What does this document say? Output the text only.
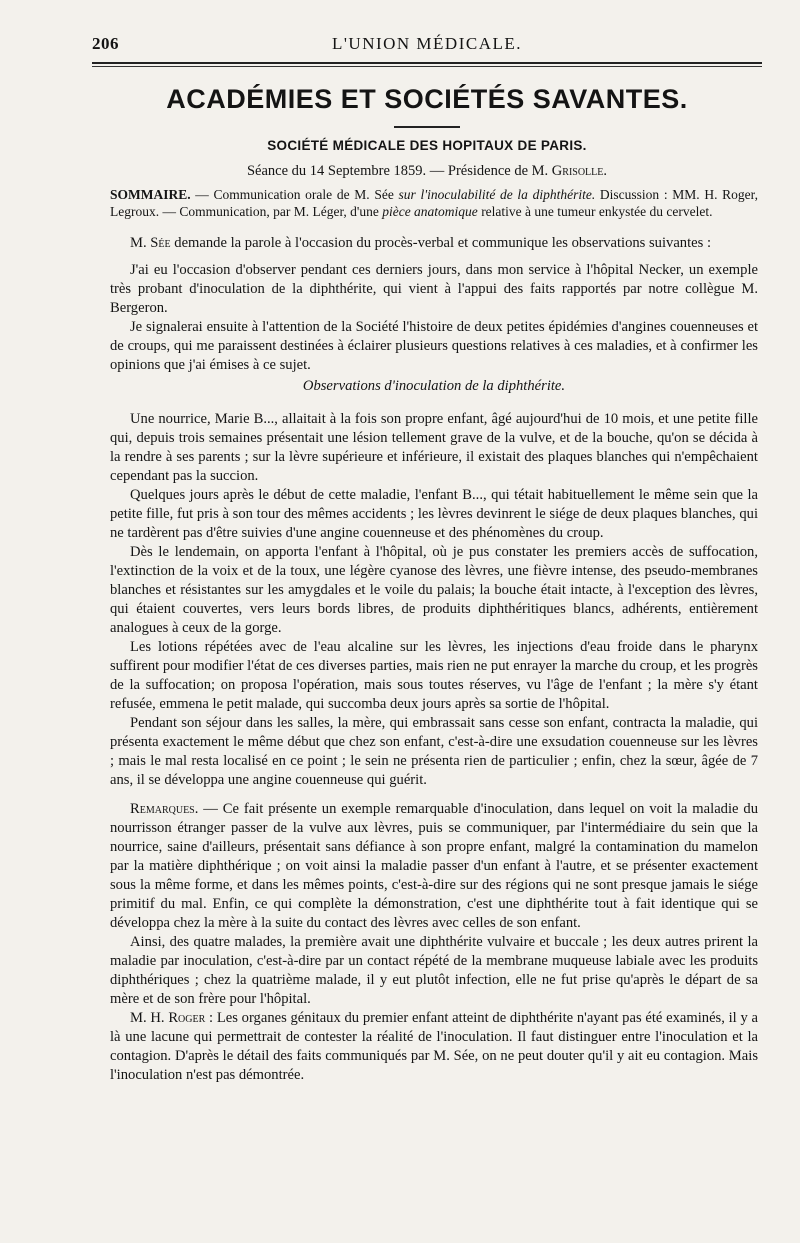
206	L'UNION MÉDICALE.
ACADÉMIES ET SOCIÉTÉS SAVANTES.
SOCIÉTÉ MÉDICALE DES HOPITAUX DE PARIS.
Séance du 14 Septembre 1859. — Présidence de M. Grisolle.

SOMMAIRE. — Communication orale de M. Sée sur l'inoculabilité de la diphthérite. Discussion : MM. H. Roger, Legroux. — Communication, par M. Léger, d'une pièce anatomique relative à une tumeur enkystée du cervelet.

M. Sée demande la parole à l'occasion du procès-verbal et communique les observations suivantes :

J'ai eu l'occasion d'observer pendant ces derniers jours, dans mon service à l'hôpital Necker, un exemple très probant d'inoculation de la diphthérite, qui vient à l'appui des faits rapportés par notre collègue M. Bergeron.

Je signalerai ensuite à l'attention de la Société l'histoire de deux petites épidémies d'angines couenneuses et de croups, qui me paraissent destinées à éclairer plusieurs questions relatives à ces maladies, et à confirmer les opinions que j'ai émises à ce sujet.

Observations d'inoculation de la diphthérite.

Une nourrice, Marie B..., allaitait à la fois son propre enfant, âgé aujourd'hui de 10 mois, et une petite fille qui, depuis trois semaines présentait une lésion tellement grave de la vulve, et de la bouche, qu'on se décida à la rendre à ses parents ; sur la lèvre supérieure et inférieure, il existait des plaques blanches qui n'empêchaient cependant pas la succion.

Quelques jours après le début de cette maladie, l'enfant B..., qui tétait habituellement le même sein que la petite fille, fut pris à son tour des mêmes accidents ; les lèvres devinrent le siége de deux plaques blanches, qui ne tardèrent pas d'être suivies d'une angine couenneuse et des phénomènes du croup.

Dès le lendemain, on apporta l'enfant à l'hôpital, où je pus constater les premiers accès de suffocation, l'extinction de la voix et de la toux, une légère cyanose des lèvres, une fièvre intense, des pseudo-membranes blanches et résistantes sur les amygdales et le voile du palais; la bouche était intacte, à l'exception des lèvres, qui étaient couvertes, vers leurs bords libres, de produits diphthéritiques blancs, adhérents, entièrement analogues à ceux de la gorge.

Les lotions répétées avec de l'eau alcaline sur les lèvres, les injections d'eau froide dans le pharynx suffirent pour modifier l'état de ces diverses parties, mais rien ne put enrayer la marche du croup, et les progrès de la suffocation; on proposa l'opération, mais sous toutes réserves, vu l'âge de l'enfant ; la mère s'y étant refusée, emmena le petit malade, qui succomba deux jours après sa sortie de l'hôpital.

Pendant son séjour dans les salles, la mère, qui embrassait sans cesse son enfant, contracta la maladie, qui présenta exactement le même début que chez son enfant, c'est-à-dire une exsudation couenneuse sur les lèvres ; mais le mal resta localisé en ce point ; le sein ne présenta rien de particulier ; enfin, chez la sœur, âgée de 7 ans, il se développa une angine couenneuse qui guérit.

Remarques. — Ce fait présente un exemple remarquable d'inoculation, dans lequel on voit la maladie du nourrisson étranger passer de la vulve aux lèvres, puis se communiquer, par l'intermédiaire du sein que la nourrice, saine d'ailleurs, présentait sans défiance à son propre enfant, malgré la contamination du mamelon par la matière diphthérique ; on voit ainsi la maladie passer d'un enfant à l'autre, et se présenter exactement sous la même forme, et dans les mêmes points, c'est-à-dire sur des régions qui ne sont presque jamais le siége primitif du mal. Enfin, ce qui complète la démonstration, c'est une diphthérite tout à fait identique qui se développa chez la mère à la suite du contact des lèvres avec celles de son enfant.

Ainsi, des quatre malades, la première avait une diphthérite vulvaire et buccale ; les deux autres prirent la maladie par inoculation, c'est-à-dire par un contact répété de la membrane muqueuse labiale avec les produits diphthériques ; chez la quatrième malade, il y eut plutôt infection, elle ne fut prise qu'après le départ de sa mère et de son frère pour l'hôpital.

M. H. Roger : Les organes génitaux du premier enfant atteint de diphthérite n'ayant pas été examinés, il y a là une lacune qui permettrait de contester la réalité de l'inoculation. Il faut distinguer entre l'inoculation et la contagion. D'après le détail des faits communiqués par M. Sée, on ne peut douter qu'il y ait eu contagion. Mais l'inoculation n'est pas démontrée.
